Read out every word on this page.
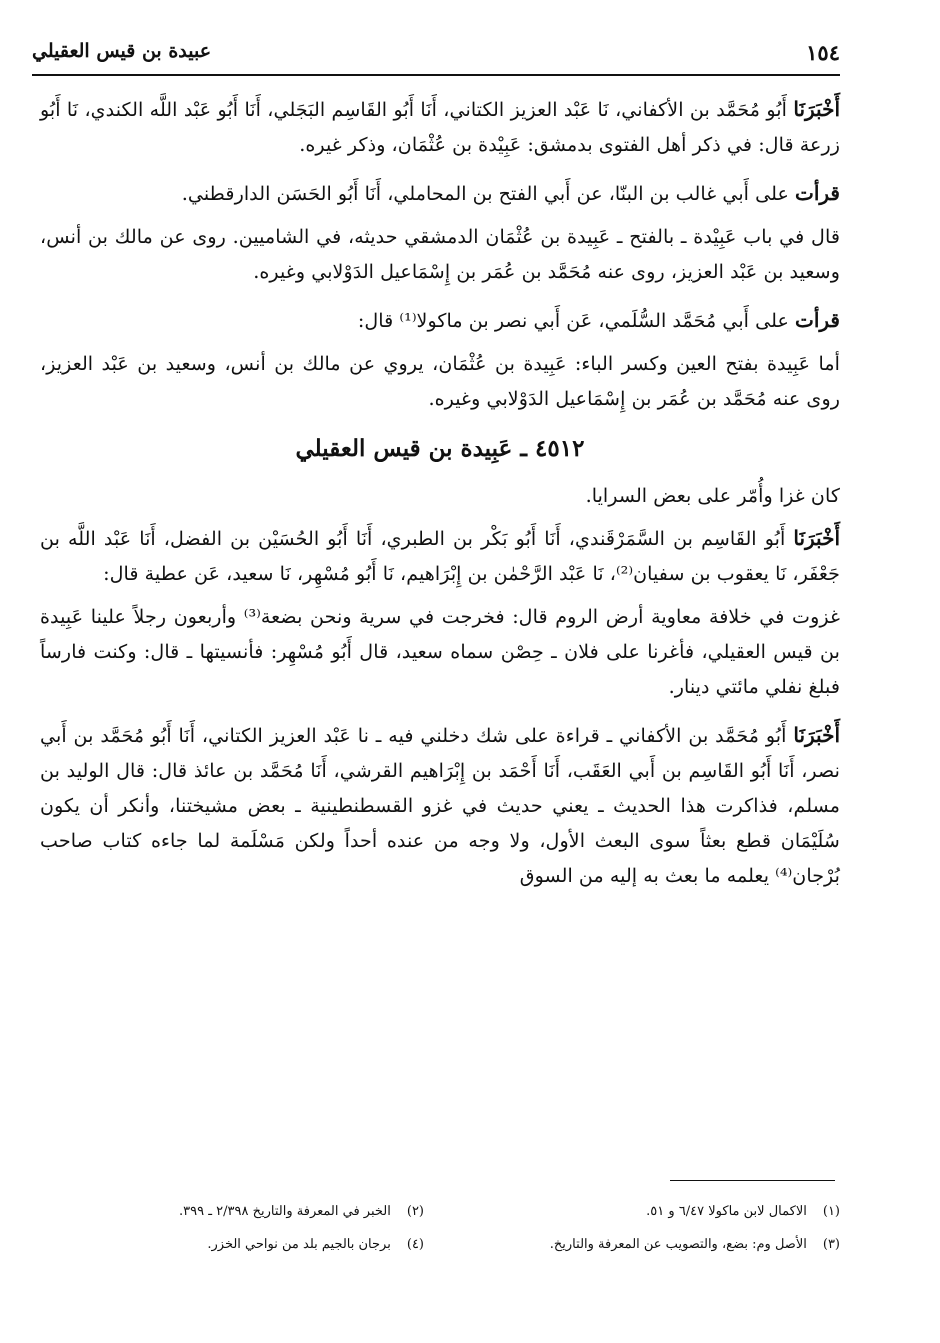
١٥٤
عبيدة بن قيس العقيلي

أَخْبَرَنَا أَبُو مُحَمَّد بن الأكفاني، نَا عَبْد العزيز الكتاني، أَنَا أَبُو القَاسِم البَجَلي، أَنَا أَبُو عَبْد اللَّه الكندي، نَا أَبُو زرعة قال: في ذكر أهل الفتوى بدمشق: عَبِيْدة بن عُثْمَان، وذكر غيره.

قرأت على أَبي غالب بن البنّا، عن أَبي الفتح بن المحاملي، أَنَا أَبُو الحَسَن الدارقطني.

قال في باب عَبِيْدة ـ بالفتح ـ عَبِيدة بن عُثْمَان الدمشقي حديثه، في الشاميين. روى عن مالك بن أنس، وسعيد بن عَبْد العزيز، روى عنه مُحَمَّد بن عُمَر بن إِسْمَاعيل الدَوْلابي وغيره.

قرأت على أَبي مُحَمَّد السُّلَمي، عَن أَبي نصر بن ماكولا⁽¹⁾ قال:

أما عَبِيدة بفتح العين وكسر الباء: عَبِيدة بن عُثْمَان، يروي عن مالك بن أنس، وسعيد بن عَبْد العزيز، روى عنه مُحَمَّد بن عُمَر بن إِسْمَاعيل الدَوْلابي وغيره.

٤٥١٢ـ عَبِيدة بن قيس العقيلي

كان غزا وأُمّر على بعض السرايا.

أَخْبَرَنَا أَبُو القَاسِم بن السَّمَرْقَندي، أَنَا أَبُو بَكْر بن الطبري، أَنَا أَبُو الحُسَيْن بن الفضل، أَنَا عَبْد اللَّه بن جَعْفَر، نَا يعقوب بن سفيان⁽²⁾، نَا عَبْد الرَّحْمٰن بن إِبْرَاهيم، نَا أَبُو مُسْهِر، نَا سعيد، عَن عطية قال:

غزوت في خلافة معاوية أرض الروم قال: فخرجت في سرية ونحن بضعة⁽³⁾ وأربعون رجلاً علينا عَبِيدة بن قيس العقيلي، فأغرنا على فلان ـ حِصْن سماه سعيد، قال أَبُو مُسْهِر: فأنسيتها ـ قال: وكنت فارساً فبلغ نفلي مائتي دينار.

أَخْبَرَنَا أَبُو مُحَمَّد بن الأكفاني ـ قراءة على شك دخلني فيه ـ نا عَبْد العزيز الكتاني، أَنَا أَبُو مُحَمَّد بن أَبي نصر، أَنَا أَبُو القَاسِم بن أَبي العَقَب، أَنَا أَحْمَد بن إِبْرَاهيم القرشي، أَنَا مُحَمَّد بن عائذ قال: قال الوليد بن مسلم، فذاكرت هذا الحديث ـ يعني حديث في غزو القسطنطينية ـ بعض مشيختنا، وأنكر أن يكون سُلَيْمَان قطع بعثاً سوى البعث الأول، ولا وجه من عنده أحداً ولكن مَسْلَمة لما جاءه كتاب صاحب بُرْجان⁽⁴⁾ يعلمه ما بعث به إليه من السوق

(١)الاكمال لابن ماكولا ٦/٤٧ و ٥١.
(٢)الخبر في المعرفة والتاريخ ٢/٣٩٨ ـ ٣٩٩.
(٣)الأصل وم: بضع، والتصويب عن المعرفة والتاريخ.
(٤)برجان بالجيم بلد من نواحي الخزر.
